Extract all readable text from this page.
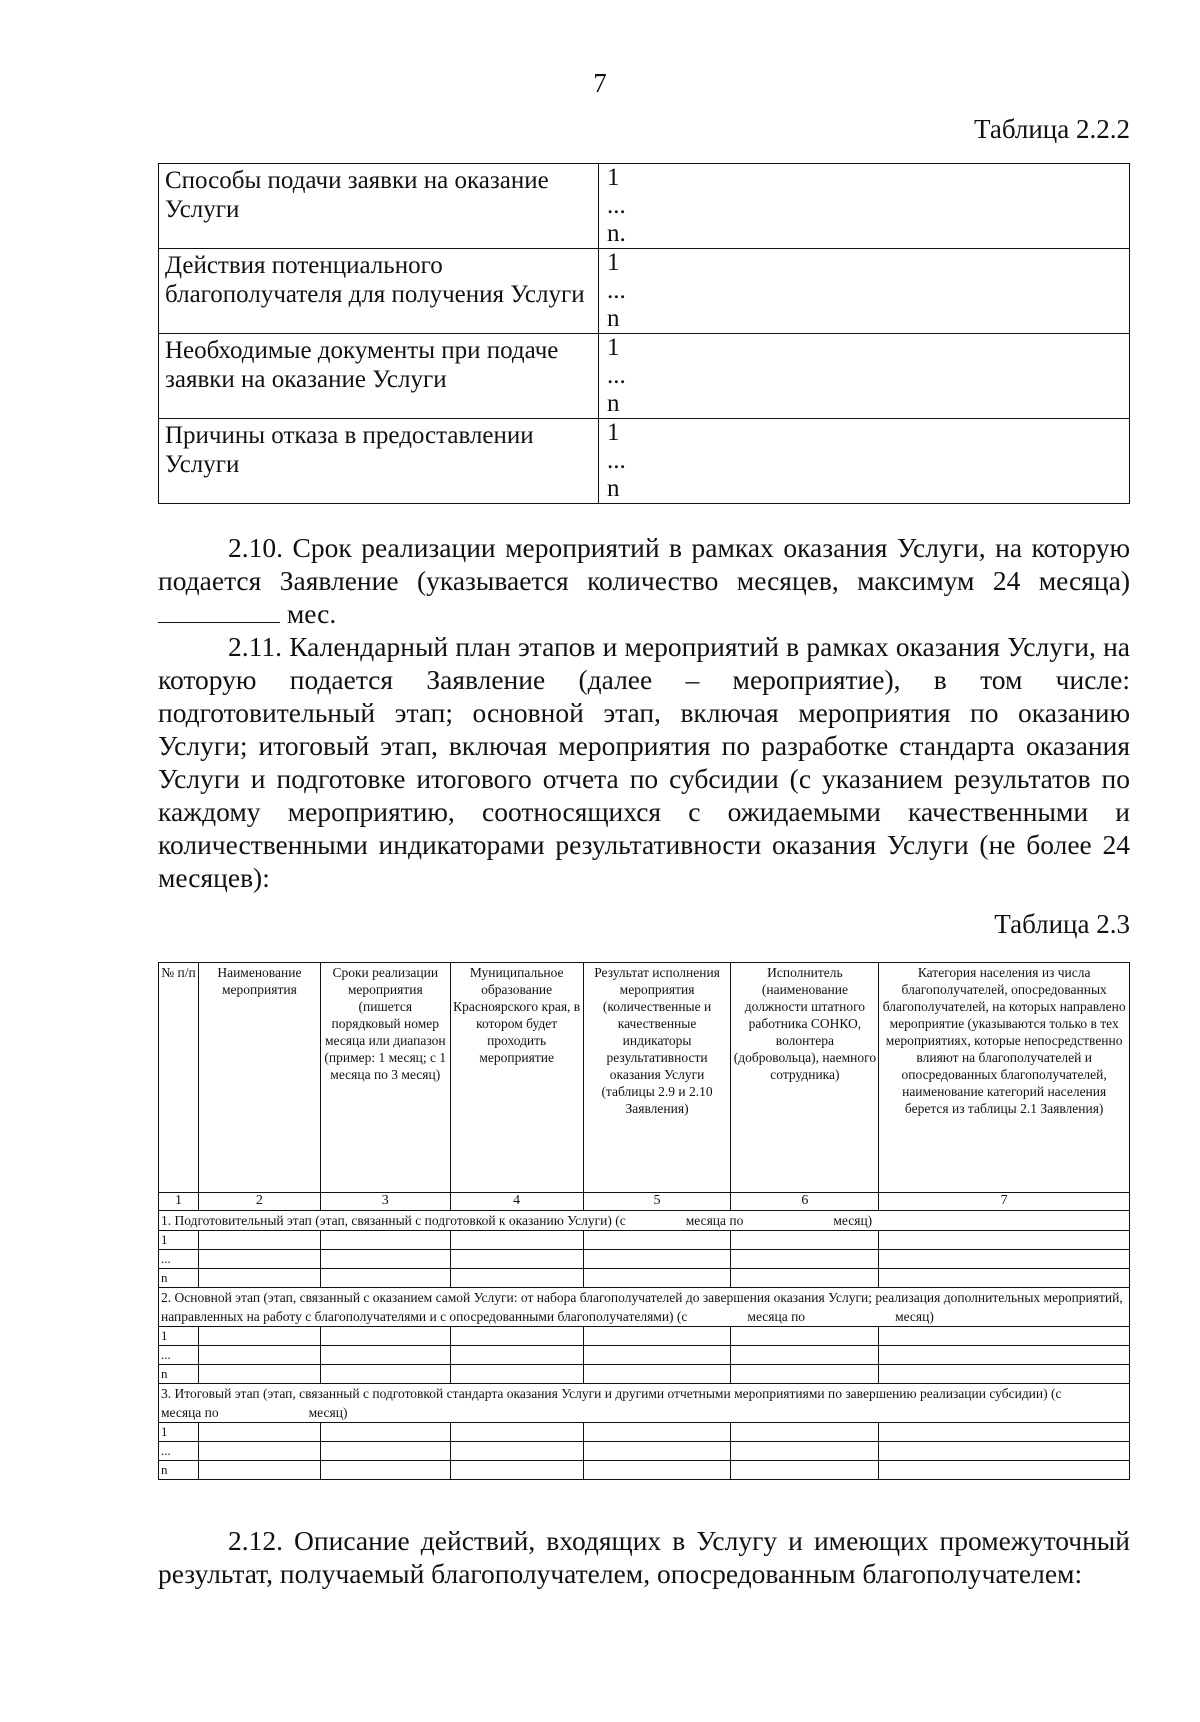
7
Таблица 2.2.2
Способы подачи заявки на оказание Услуги	1
...
n.

Действия потенциального благополучателя для получения Услуги	1
...
n

Необходимые документы при подаче заявки на оказание Услуги	1
...
n

Причины отказа в предоставлении Услуги	1
...
n

2.10. Срок реализации мероприятий в рамках оказания Услуги, на которую подается Заявление (указывается количество месяцев, максимум 24 месяца)  мес.

2.11. Календарный план этапов и мероприятий в рамках оказания Услуги, на которую подается Заявление (далее – мероприятие), в том числе: подготовительный этап; основной этап, включая мероприятия по оказанию Услуги; итоговый этап, включая мероприятия по разработке стандарта оказания Услуги и подготовке итогового отчета по субсидии (с указанием результатов по каждому мероприятию, соотносящихся с ожидаемыми качественными и количественными индикаторами результативности оказания Услуги (не более 24 месяцев):

Таблица 2.3
№ п/п	Наименование мероприятия	Сроки реализации мероприятия (пишется порядковый номер месяца или диапазон (пример: 1 месяц; с 1 месяца по 3 месяц)	Муниципальное образование Красноярского края, в котором будет проходить мероприятие	Результат исполнения мероприятия (количественные и качественные индикаторы результативности оказания Услуги (таблицы 2.9 и 2.10 Заявления)	Исполнитель (наименование должности штатного работника СОНКО, волонтера (добровольца), наемного сотрудника)	Категория населения из числа благополучателей, опосредованных благополучателей, на которых направлено мероприятие (указываются только в тех мероприятиях, которые непосредственно влияют на благополучателей и опосредованных благополучателей, наименование категорий населения берется из таблицы 2.1 Заявления)
1	2	3	4	5	6	7
1. Подготовительный этап (этап, связанный с подготовкой к оказанию Услуги) (с месяца по месяц)						
1						
...						
n						
2. Основной этап (этап, связанный с оказанием самой Услуги: от набора благополучателей до завершения оказания Услуги; реализация дополнительных мероприятий, направленных на работу с благополучателями и с опосредованными благополучателями) (с месяца по месяц)						
1						
...						
n						
3. Итоговый этап (этап, связанный с подготовкой стандарта оказания Услуги и другими отчетными мероприятиями по завершению реализации субсидии) (смесяца по месяц)						
1						
...						
n						

2.12. Описание действий, входящих в Услугу и имеющих промежуточный результат, получаемый благополучателем, опосредованным благополучателем:
